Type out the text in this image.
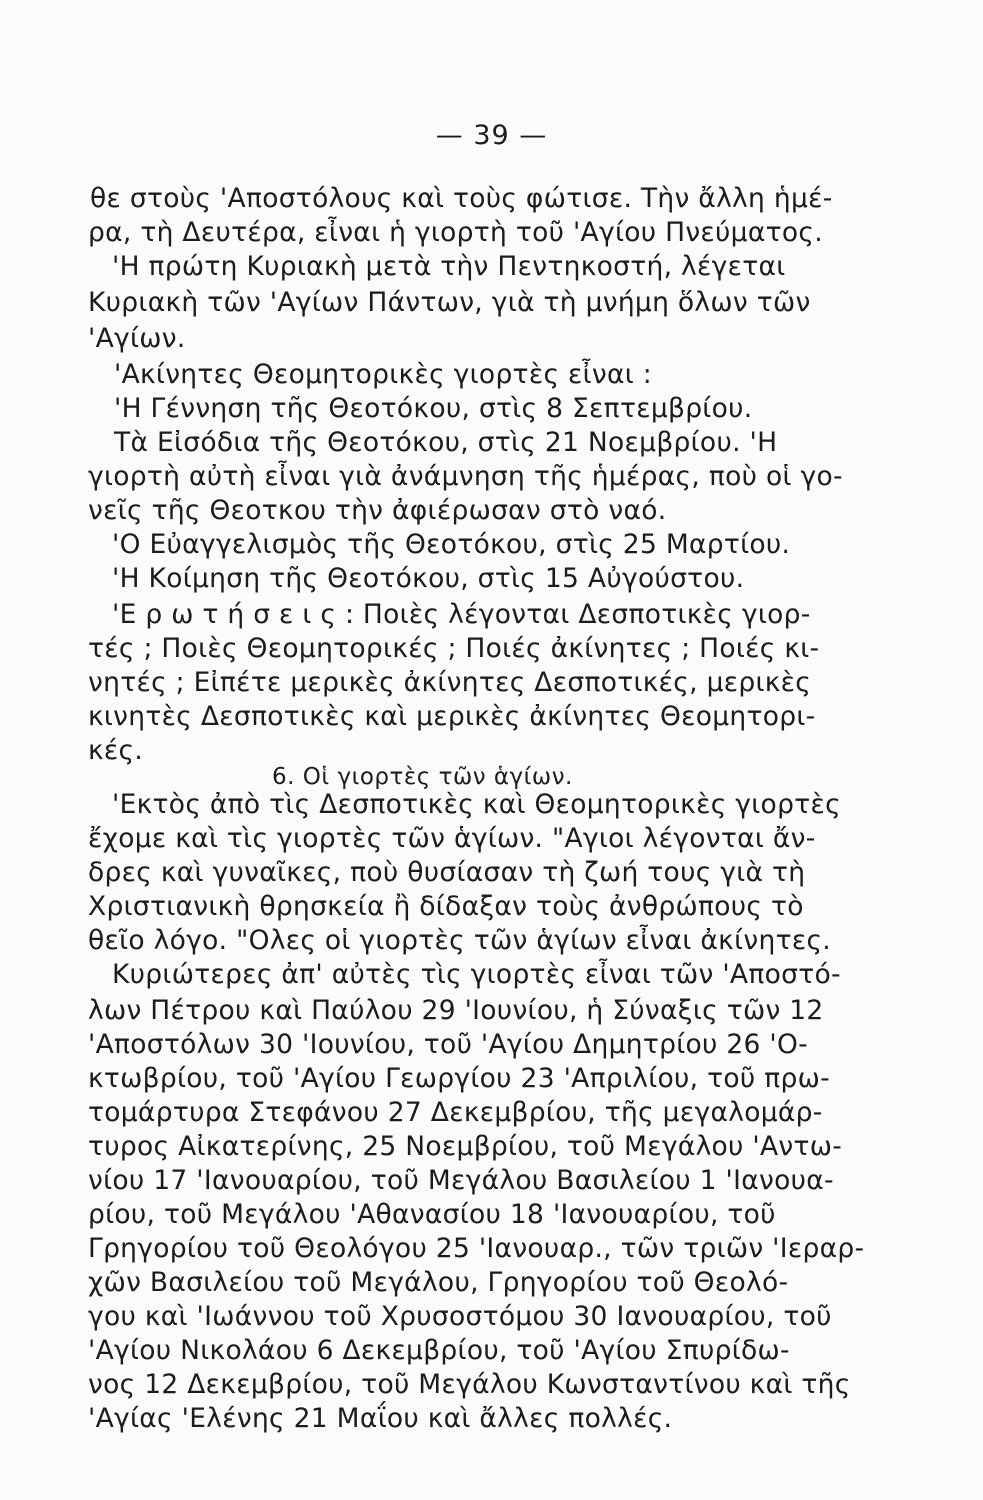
— 39 —
θε στοὺς 'Αποστόλους καὶ τοὺς φώτισε. Τὴν ἄλλη ἡμέ-
ρα, τὴ Δευτέρα, εἶναι ἡ γιορτὴ τοῦ 'Αγίου Πνεύματος.
'Η πρώτη Κυριακὴ μετὰ τὴν Πεντηκοστή, λέγεται
Κυριακὴ τῶν 'Αγίων Πάντων, γιὰ τὴ μνήμη ὅλων τῶν
'Αγίων.
'Ακίνητες Θεομητορικὲς γιορτὲς εἶναι :
'Η Γέννηση τῆς Θεοτόκου, στὶς 8 Σεπτεμβρίου.
Τὰ Εἰσόδια τῆς Θεοτόκου, στὶς 21 Νοεμβρίου. 'Η
γιορτὴ αὐτὴ εἶναι γιὰ ἀνάμνηση τῆς ἡμέρας, ποὺ οἱ γο-
νεῖς τῆς Θεοτκου τὴν ἀφιέρωσαν στὸ ναό.
'Ο Εὐαγγελισμὸς τῆς Θεοτόκου, στὶς 25 Μαρτίου.
'Η Κοίμηση τῆς Θεοτόκου, στὶς 15 Αὐγούστου.
'Ε ρ ω τ ή σ ε ι ς : Ποιὲς λέγονται Δεσποτικὲς γιορ-
τές ; Ποιὲς Θεομητορικές ; Ποιές ἀκίνητες ; Ποιές κι-
νητές ; Εἰπέτε μερικὲς ἀκίνητες Δεσποτικές, μερικὲς
κινητὲς Δεσποτικὲς καὶ μερικὲς ἀκίνητες Θεομητορι-
κές.
6. Οἱ γιορτὲς τῶν ἁγίων.
'Εκτὸς ἀπὸ τὶς Δεσποτικὲς καὶ Θεομητορικὲς γιορτὲς
ἔχομε καὶ τὶς γιορτὲς τῶν ἁγίων. "Αγιοι λέγονται ἄν-
δρες καὶ γυναῖκες, ποὺ θυσίασαν τὴ ζωή τους γιὰ τὴ
Χριστιανικὴ θρησκεία ἢ δίδαξαν τοὺς ἀνθρώπους τὸ
θεῖο λόγο. "Ολες οἱ γιορτὲς τῶν ἁγίων εἶναι ἀκίνητες.
Κυριώτερες ἀπ' αὐτὲς τὶς γιορτὲς εἶναι τῶν 'Αποστό-
λων Πέτρου καὶ Παύλου 29 'Ιουνίου, ἡ Σύναξις τῶν 12
'Αποστόλων 30 'Ιουνίου, τοῦ 'Αγίου Δημητρίου 26 'Ο-
κτωβρίου, τοῦ 'Αγίου Γεωργίου 23 'Απριλίου, τοῦ πρω-
τομάρτυρα Στεφάνου 27 Δεκεμβρίου, τῆς μεγαλομάρ-
τυρος Αἰκατερίνης, 25 Νοεμβρίου, τοῦ Μεγάλου 'Αντω-
νίου 17 'Ιανουαρίου, τοῦ Μεγάλου Βασιλείου 1 'Ιανουα-
ρίου, τοῦ Μεγάλου 'Αθανασίου 18 'Ιανουαρίου, τοῦ
Γρηγορίου τοῦ Θεολόγου 25 'Ιανουαρ., τῶν τριῶν 'Ιεραρ-
χῶν Βασιλείου τοῦ Μεγάλου, Γρηγορίου τοῦ Θεολό-
γου καὶ 'Ιωάννου τοῦ Χρυσοστόμου 30 Ιανουαρίου, τοῦ
'Αγίου Νικολάου 6 Δεκεμβρίου, τοῦ 'Αγίου Σπυρίδω-
νος 12 Δεκεμβρίου, τοῦ Μεγάλου Κωνσταντίνου καὶ τῆς
'Αγίας 'Ελένης 21 Μαΐου καὶ ἄλλες πολλές.
